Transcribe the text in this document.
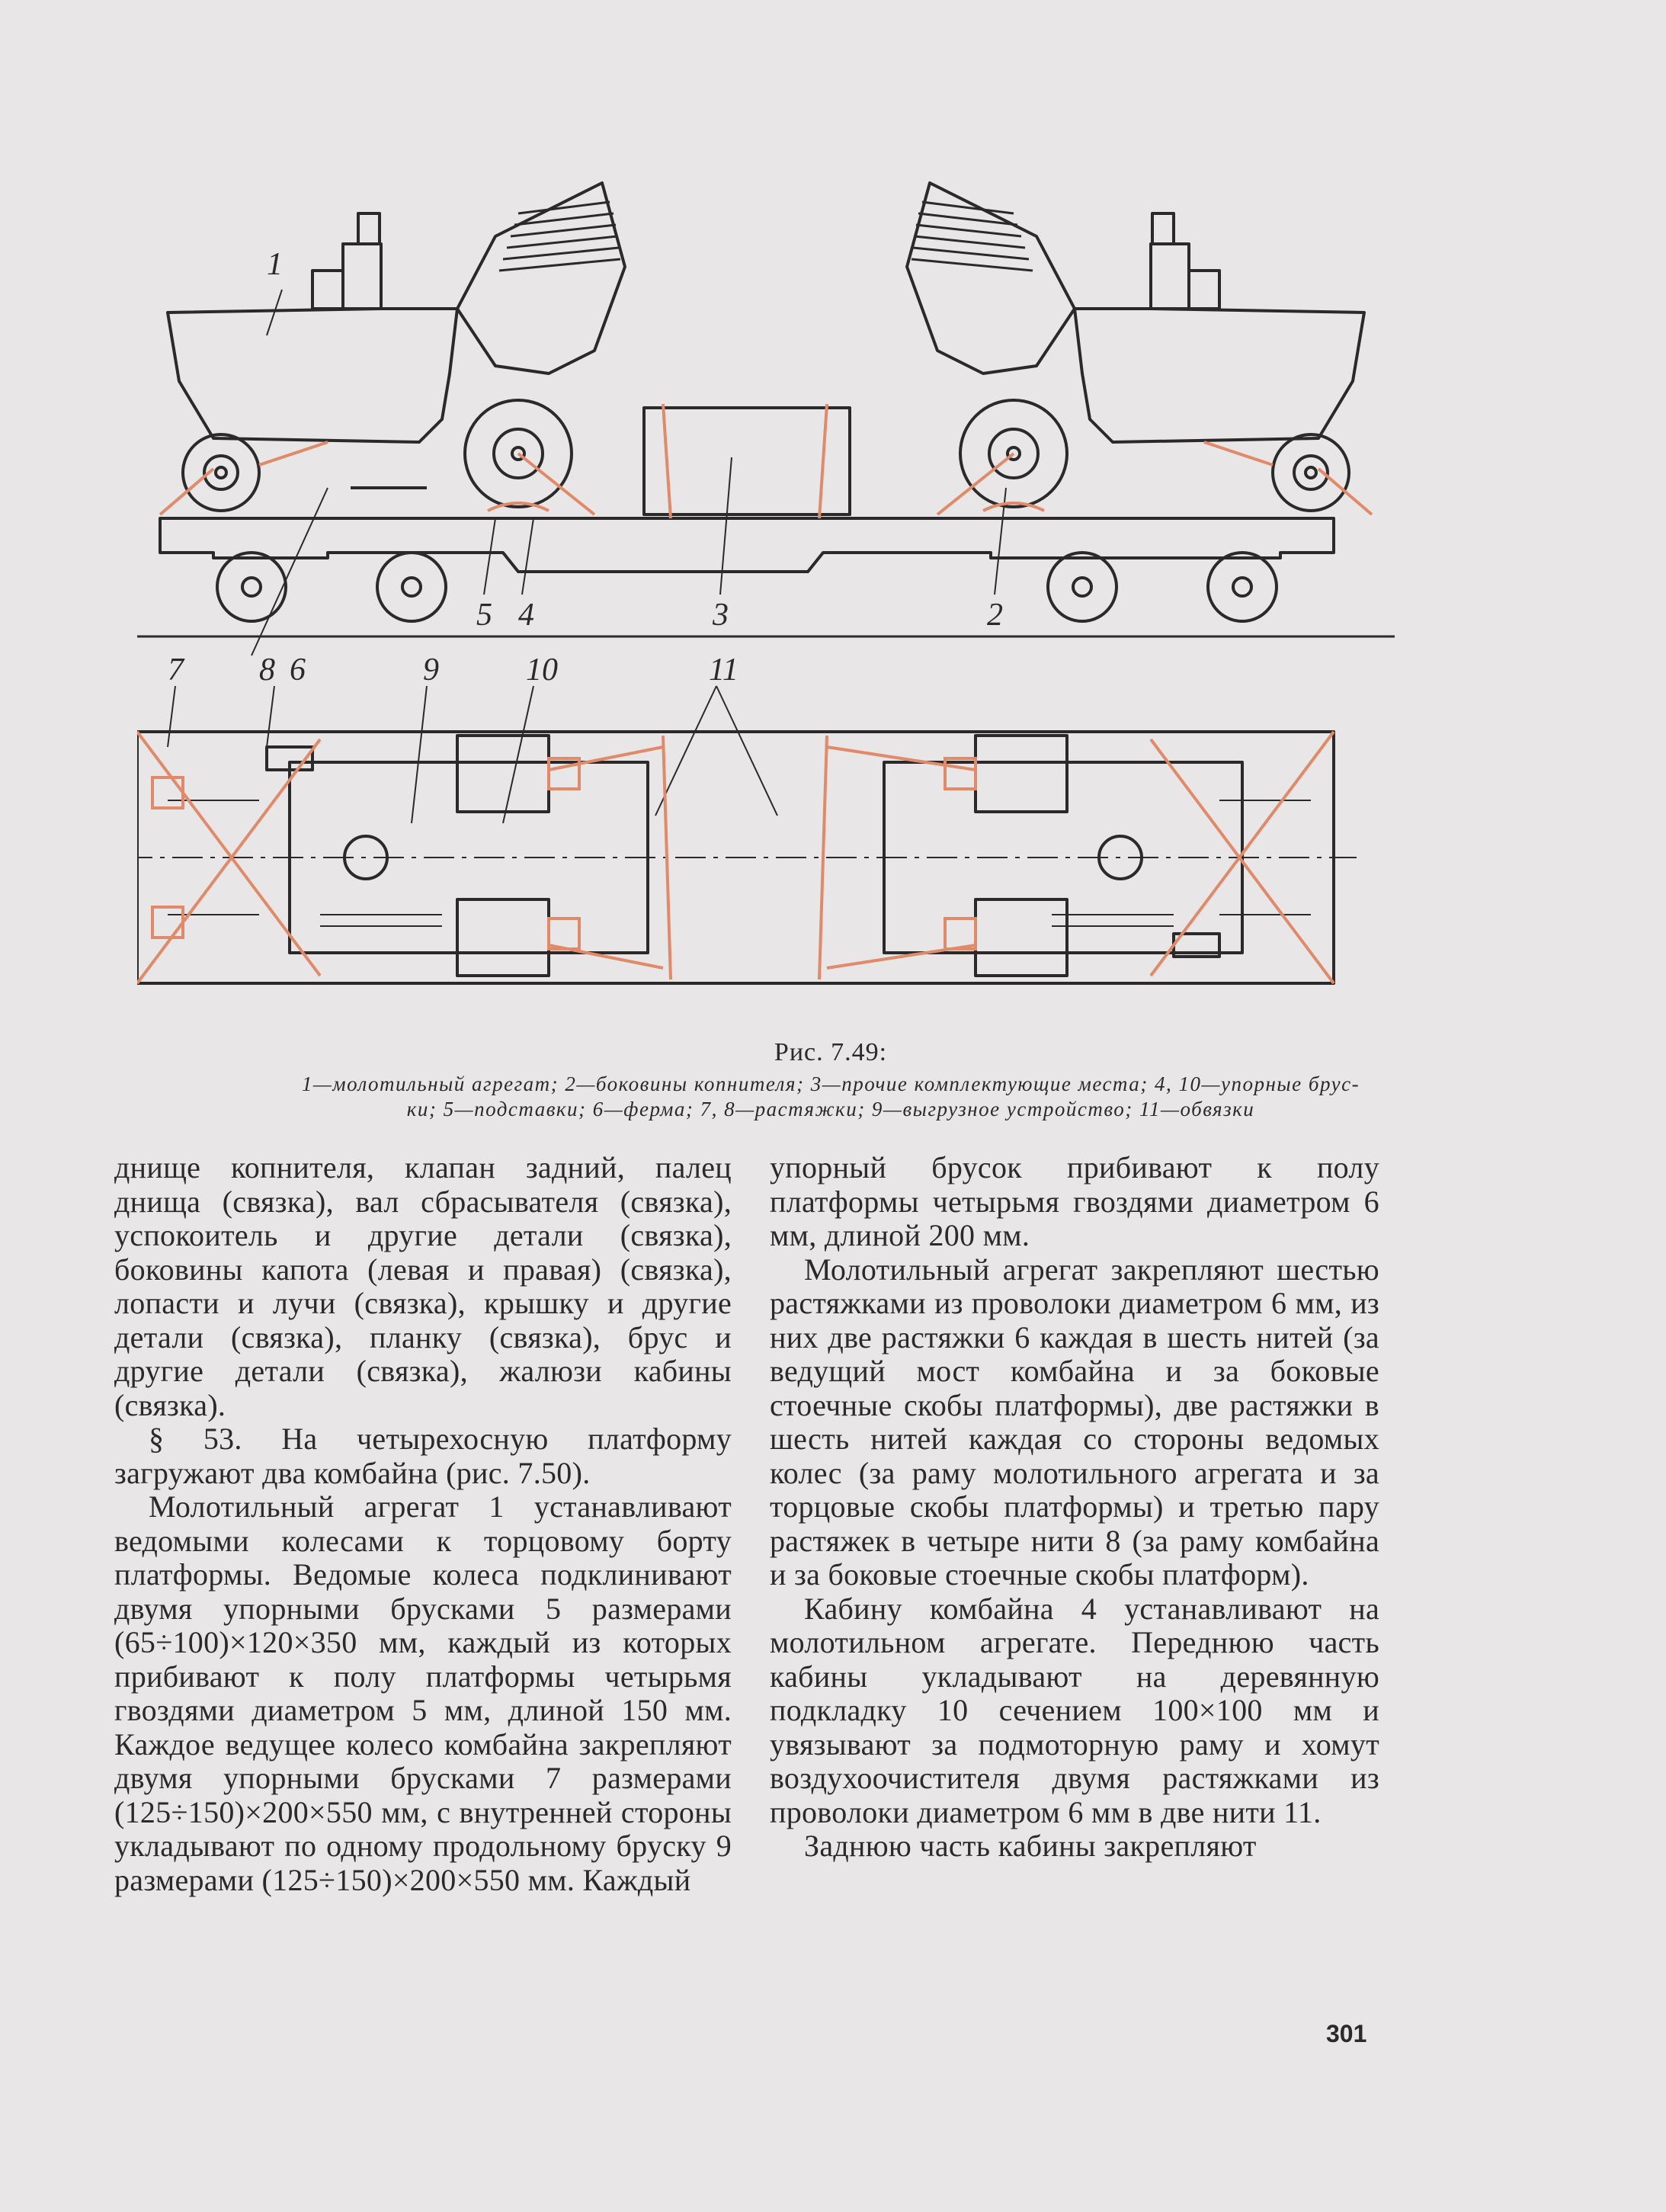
1
5 4	3	2
7 8 6	9	10	11
Рис. 7.49:
1—молотильный агрегат; 2—боковины копнителя; 3—прочие комплектующие места; 4, 10—упорные брус-
ки; 5—подставки; 6—ферма; 7, 8—растяжки; 9—выгрузное устройство; 11—обвязки

днище копнителя, клапан задний, палец днища (связка), вал сбрасывателя (связка), успокоитель и другие детали (связка), боковины капота (левая и правая) (связка), лопасти и лучи (связка), крышку и другие детали (связка), планку (связка), брус и другие детали (связка), жалюзи кабины (связка).

§ 53. На четырехосную платформу загружают два комбайна (рис. 7.50).

Молотильный агрегат 1 устанавливают ведомыми колесами к торцовому борту платформы. Ведомые колеса подклинивают двумя упорными брусками 5 размерами (65÷100)×120×350 мм, каждый из которых прибивают к полу платформы четырьмя гвоздями диаметром 5 мм, длиной 150 мм. Каждое ведущее колесо комбайна закрепляют двумя упорными брусками 7 размерами (125÷150)×200×550 мм, с внутренней стороны укладывают по одному продольному бруску 9 размерами (125÷150)×200×550 мм. Каждый

упорный брусок прибивают к полу платформы четырьмя гвоздями диаметром 6 мм, длиной 200 мм.

Молотильный агрегат закрепляют шестью растяжками из проволоки диаметром 6 мм, из них две растяжки 6 каждая в шесть нитей (за ведущий мост комбайна и за боковые стоечные скобы платформы), две растяжки в шесть нитей каждая со стороны ведомых колес (за раму молотильного агрегата и за торцовые скобы платформы) и третью пару растяжек в четыре нити 8 (за раму комбайна и за боковые стоечные скобы платформ).

Кабину комбайна 4 устанавливают на молотильном агрегате. Переднюю часть кабины укладывают на деревянную подкладку 10 сечением 100×100 мм и увязывают за подмоторную раму и хомут воздухоочистителя двумя растяжками из проволоки диаметром 6 мм в две нити 11.

Заднюю часть кабины закрепляют

301
